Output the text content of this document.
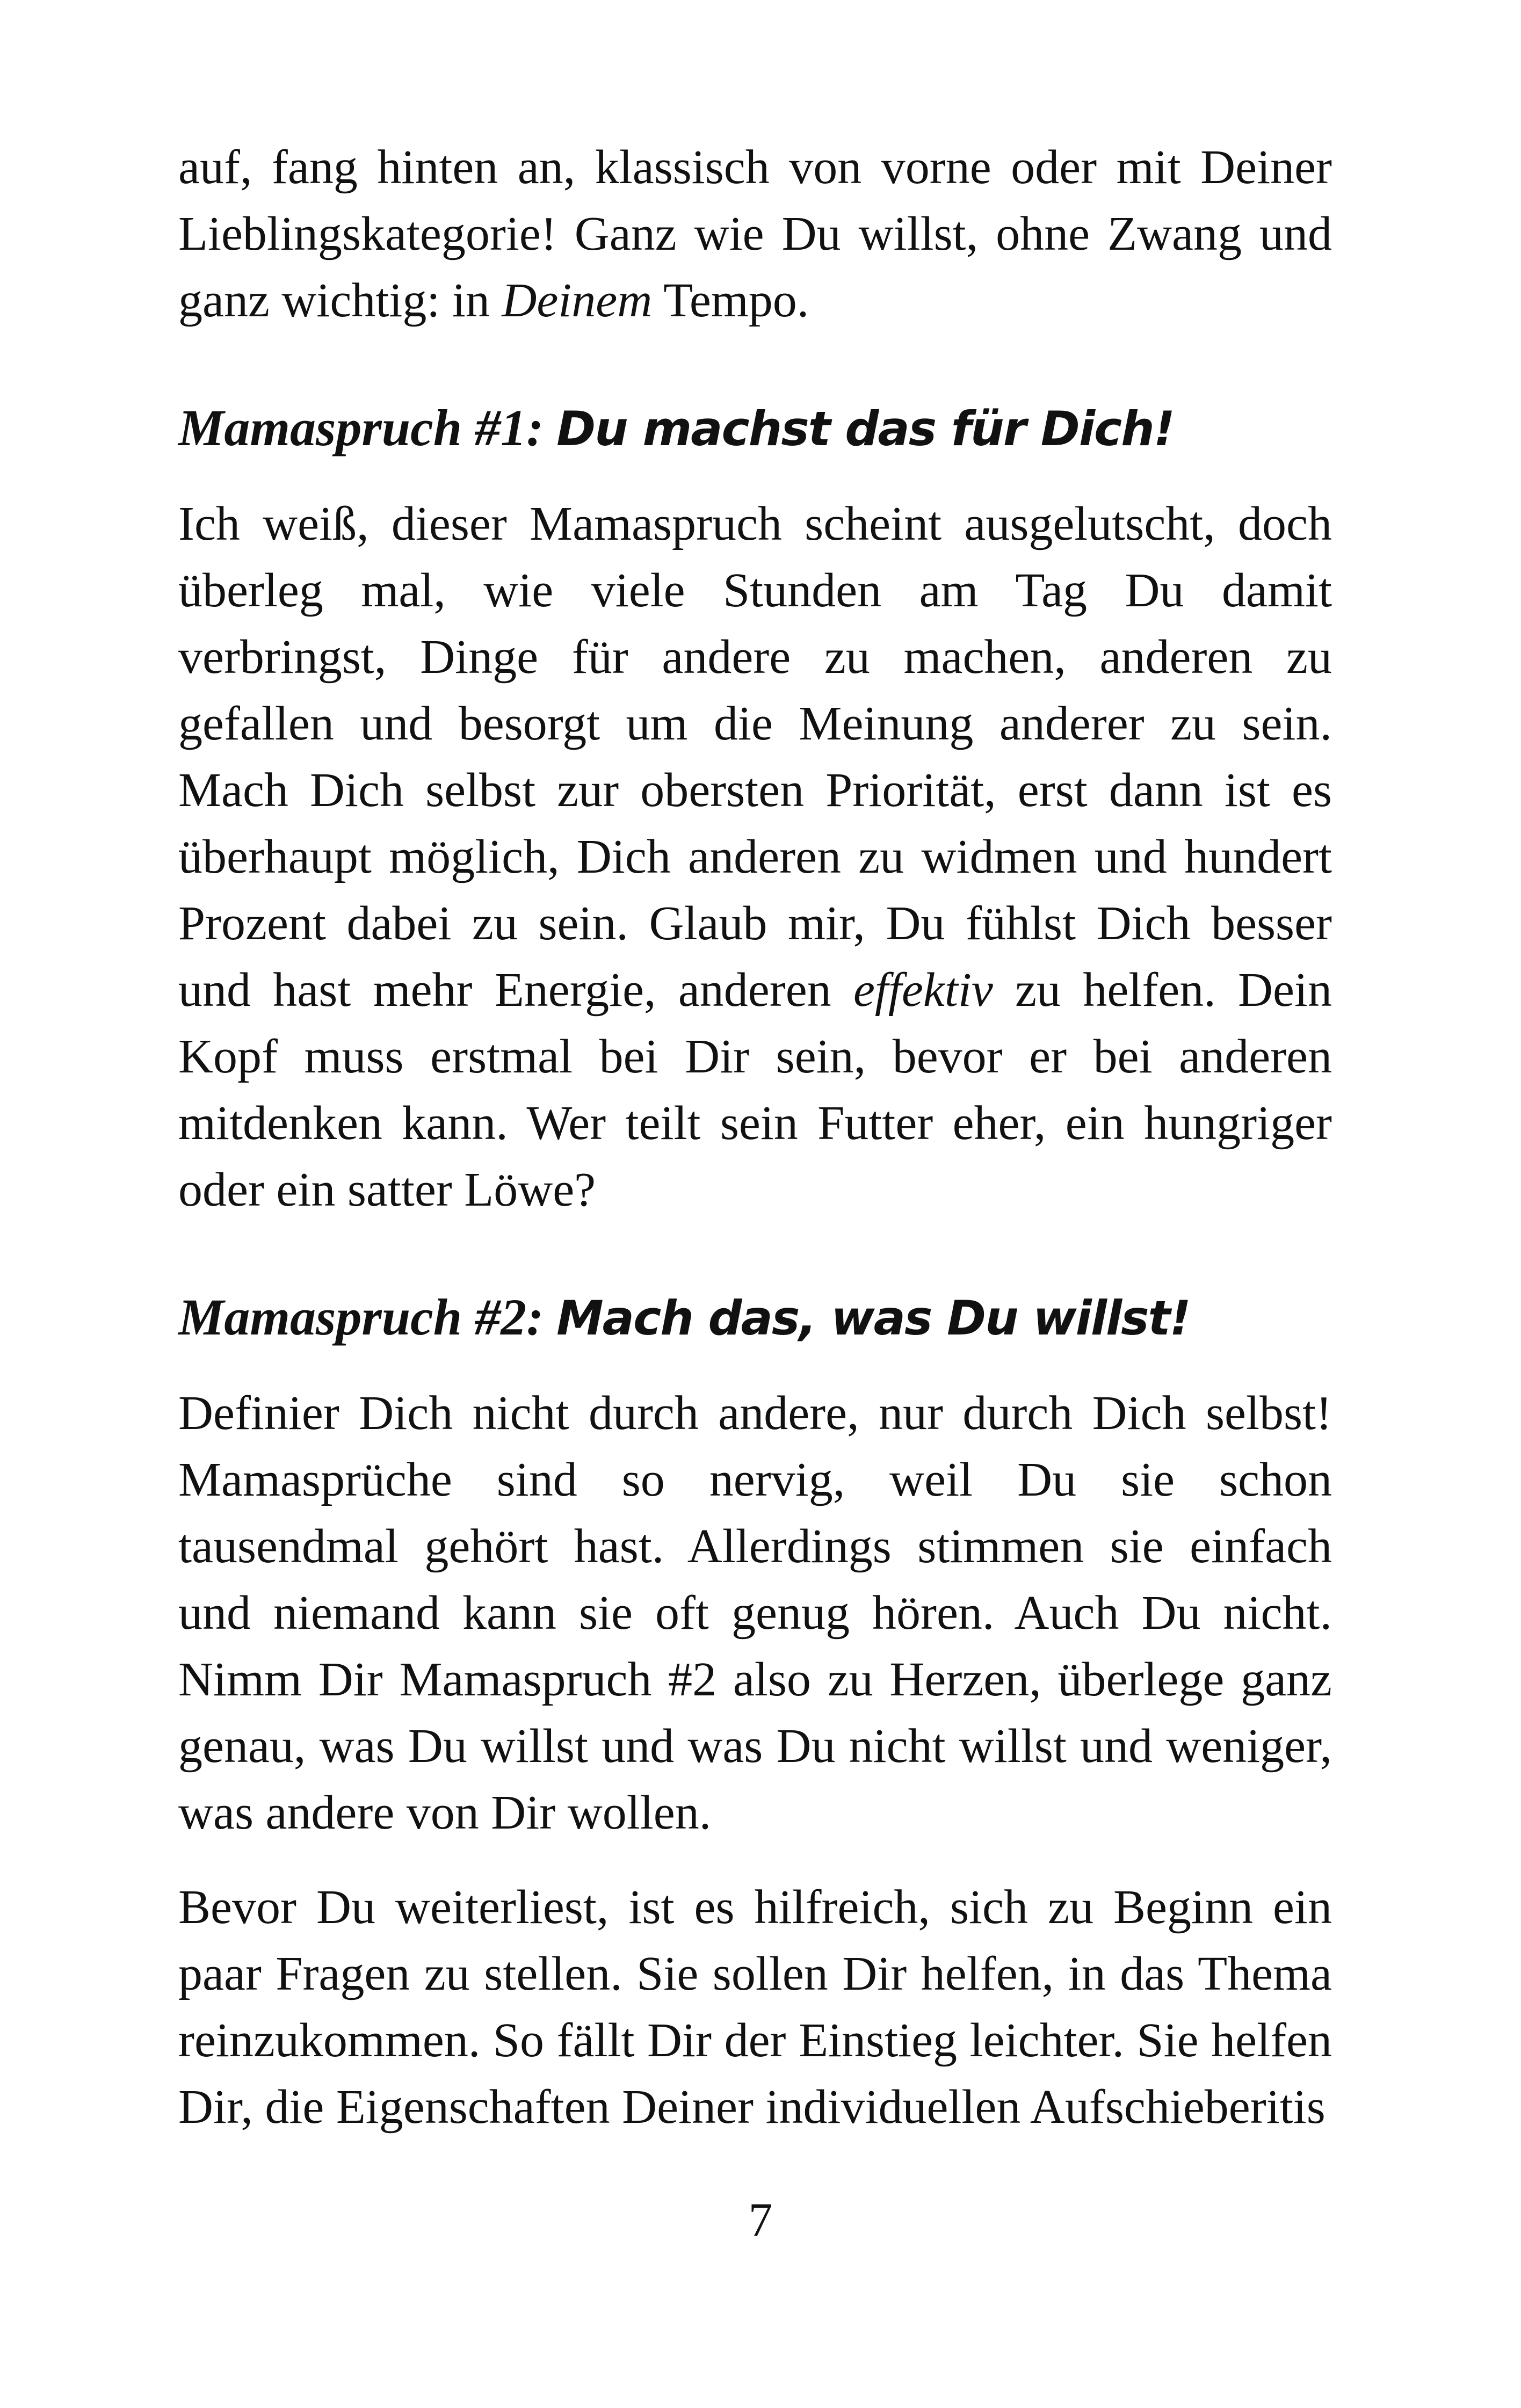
auf, fang hinten an, klassisch von vorne oder mit Deiner Lieblingskategorie! Ganz wie Du willst, ohne Zwang und ganz wichtig: in Deinem Tempo.

Mamaspruch #1: Du machst das für Dich!

Ich weiß, dieser Mamaspruch scheint ausgelutscht, doch überleg mal, wie viele Stunden am Tag Du damit verbringst, Dinge für andere zu machen, anderen zu gefallen und besorgt um die Meinung anderer zu sein. Mach Dich selbst zur obersten Priorität, erst dann ist es überhaupt möglich, Dich anderen zu widmen und hundert Prozent dabei zu sein. Glaub mir, Du fühlst Dich besser und hast mehr Energie, anderen effektiv zu helfen. Dein Kopf muss erstmal bei Dir sein, bevor er bei anderen mitdenken kann. Wer teilt sein Futter eher, ein hungriger oder ein satter Löwe?

Mamaspruch #2: Mach das, was Du willst!

Definier Dich nicht durch andere, nur durch Dich selbst! Mamasprüche sind so nervig, weil Du sie schon tausendmal gehört hast. Allerdings stimmen sie einfach und niemand kann sie oft genug hören. Auch Du nicht. Nimm Dir Mamaspruch #2 also zu Herzen, überlege ganz genau, was Du willst und was Du nicht willst und weniger, was andere von Dir wollen.

Bevor Du weiterliest, ist es hilfreich, sich zu Beginn ein paar Fragen zu stellen. Sie sollen Dir helfen, in das Thema reinzukommen. So fällt Dir der Einstieg leichter. Sie helfen Dir, die Eigenschaften Deiner individuellen Aufschieberitis

7
